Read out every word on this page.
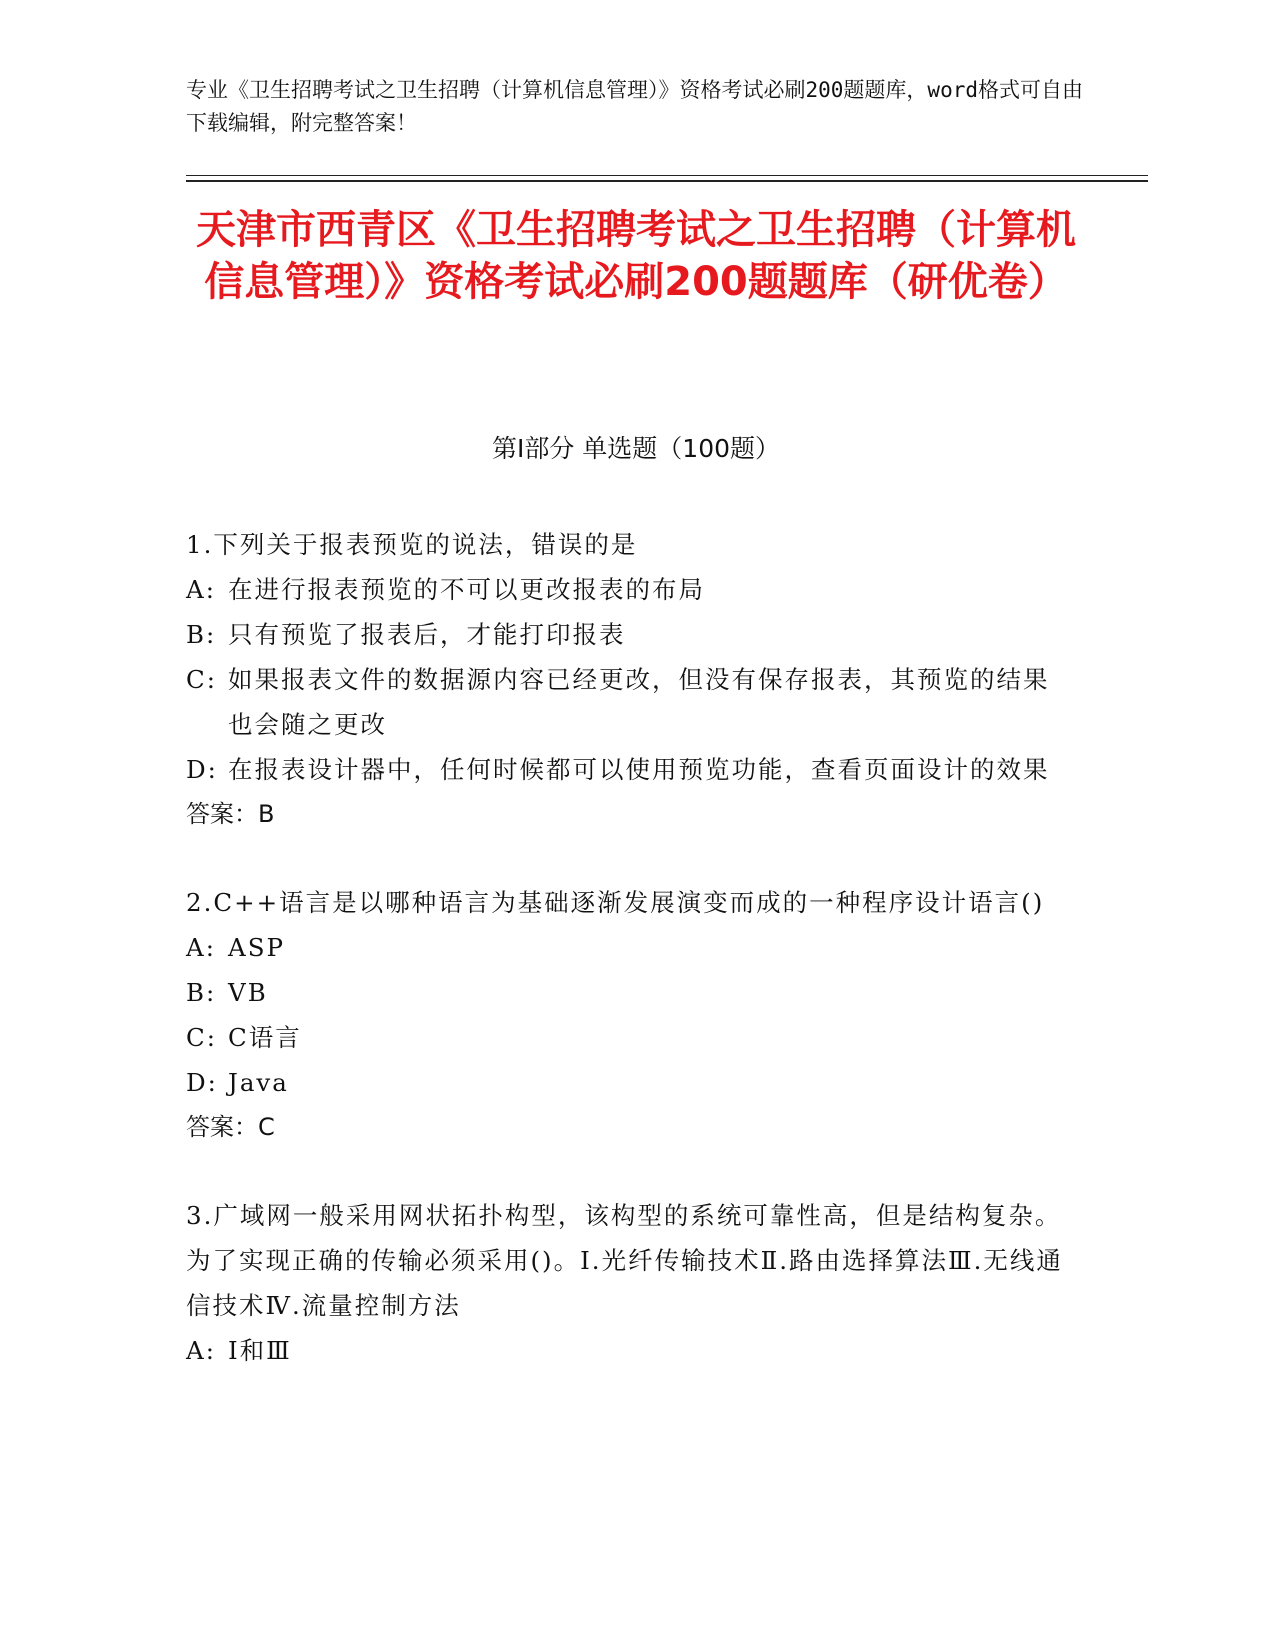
专业《卫生招聘考试之卫生招聘（计算机信息管理）》资格考试必刷200题题库，word格式可自由下载编辑，附完整答案！
天津市西青区《卫生招聘考试之卫生招聘（计算机信息管理）》资格考试必刷200题题库（研优卷）
第Ⅰ部分 单选题（100题）

1.下列关于报表预览的说法，错误的是

A: 在进行报表预览的不可以更改报表的布局
B: 只有预览了报表后，才能打印报表
C: 如果报表文件的数据源内容已经更改，但没有保存报表，其预览的结果也会随之更改
D: 在报表设计器中，任何时候都可以使用预览功能，查看页面设计的效果

答案：B

2.C++语言是以哪种语言为基础逐渐发展演变而成的一种程序设计语言()

A: ASP
B: VB
C: C语言
D: Java

答案：C

3.广域网一般采用网状拓扑构型，该构型的系统可靠性高，但是结构复杂。为了实现正确的传输必须采用()。Ⅰ.光纤传输技术Ⅱ.路由选择算法Ⅲ.无线通信技术Ⅳ.流量控制方法

A: Ⅰ和Ⅲ
